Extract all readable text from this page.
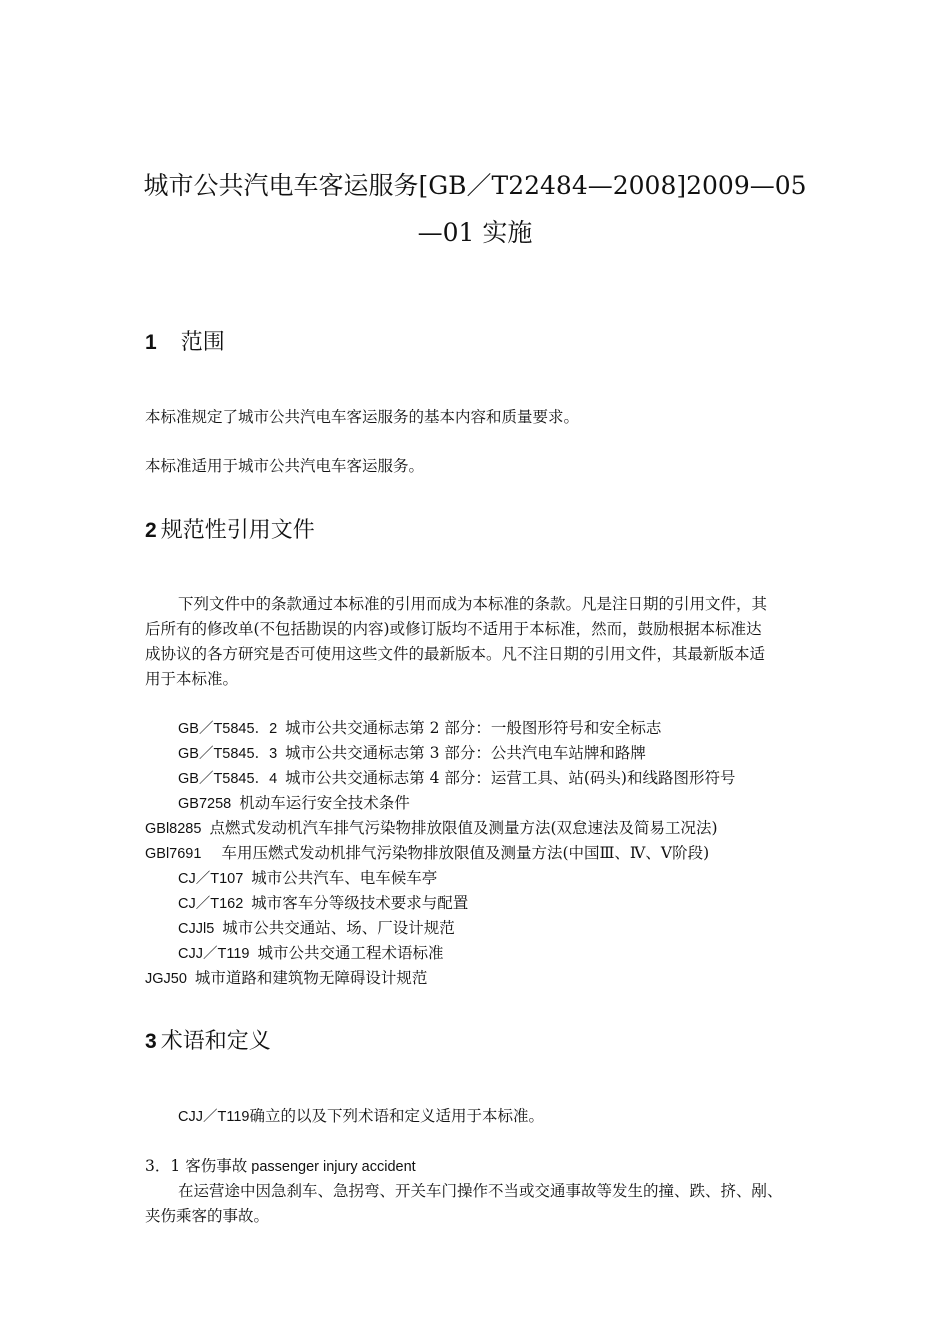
城市公共汽电车客运服务[GB／T22484—2008]2009—05
—01 实施
1 范围
本标准规定了城市公共汽电车客运服务的基本内容和质量要求。
本标准适用于城市公共汽电车客运服务。
2 规范性引用文件
下列文件中的条款通过本标准的引用而成为本标准的条款。凡是注日期的引用文件，其
后所有的修改单(不包括勘误的内容)或修订版均不适用于本标准，然而，鼓励根据本标准达
成协议的各方研究是否可使用这些文件的最新版本。凡不注日期的引用文件，其最新版本适
用于本标准。
GB／T5845．2 城市公共交通标志第 2 部分：一般图形符号和安全标志
GB／T5845．3 城市公共交通标志第 3 部分：公共汽电车站牌和路牌
GB／T5845．4 城市公共交通标志第 4 部分：运营工具、站(码头)和线路图形符号
GB7258 机动车运行安全技术条件
GBl8285 点燃式发动机汽车排气污染物排放限值及测量方法(双怠速法及简易工况法)
GBl7691 车用压燃式发动机排气污染物排放限值及测量方法(中国Ⅲ、Ⅳ、Ⅴ阶段)
CJ／T107 城市公共汽车、电车候车亭
CJ／T162 城市客车分等级技术要求与配置
CJJl5 城市公共交通站、场、厂设计规范
CJJ／T119 城市公共交通工程术语标准
JGJ50 城市道路和建筑物无障碍设计规范
3 术语和定义
CJJ／T119确立的以及下列术语和定义适用于本标准。
3．1 客伤事故 passenger injury accident
在运营途中因急刹车、急拐弯、开关车门操作不当或交通事故等发生的撞、跌、挤、剐、
夹伤乘客的事故。
